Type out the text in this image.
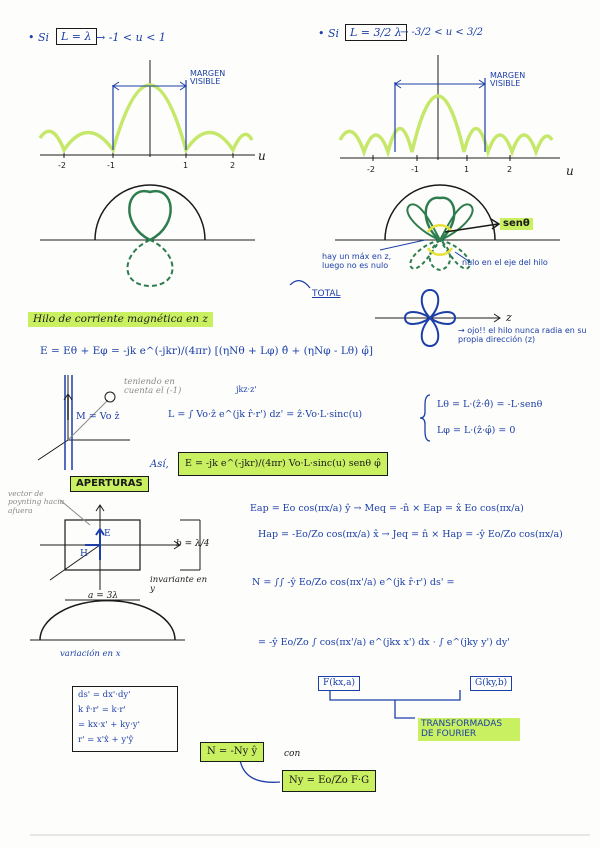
• Si	L = λ → -1 < u < 1
MARGEN VISIBLE
u
-2	-1	1	2
• Si L = 3/2 λ
→ -3/2 < u < 3/2
MARGEN VISIBLE
u
-2	-1	1	2
senθ
hay un máx en z, luego no es nulo	nulo en el eje del hilo
TOTAL
z
→ ojo!! el hilo nunca radia en su propia dirección (z)
Hilo de corriente magnética en z
E = Eθ + Eφ = -jk e^(-jkr)/(4πr) [(ηNθ + Lφ) θ̂ + (ηNφ - Lθ) φ̂]
teniendo en cuenta el (-1)
M = Vo ẑ
jkz·z'
L = ∫ Vo·ẑ e^(jk r̂·r') dz' = ẑ·Vo·L·sinc(u)
Lθ = L·(ẑ·θ̂) = -L·senθ
Lφ = L·(ẑ·φ̂) = 0
Así,	E = -jk e^(-jkr)/(4πr) Vo·L·sinc(u) senθ φ̂
APERTURAS
vector de poynting hacia afuera
E
H
b = λ/4
invariante en y
a = 3λ
variación en x
Eap = Eo cos(πx/a) ŷ → Meq = -n̂ × Eap = x̂ Eo cos(πx/a)
Hap = -Eo/Zo cos(πx/a) x̂ → Jeq = n̂ × Hap = -ŷ Eo/Zo cos(πx/a)
N = ∫∫ -ŷ Eo/Zo cos(πx'/a) e^(jk r̂·r') ds' =
= -ŷ Eo/Zo ∫ cos(πx'/a) e^(jkx x') dx · ∫ e^(jky y') dy'
F(kx,a)	G(ky,b)
TRANSFORMADAS DE FOURIER
ds' = dx'·dy'
k r̂·r' = k·r'
= kx·x' + ky·y'
r' = x'x̂ + y'ŷ
N = -Ny ŷ	con
Ny = Eo/Zo F·G
